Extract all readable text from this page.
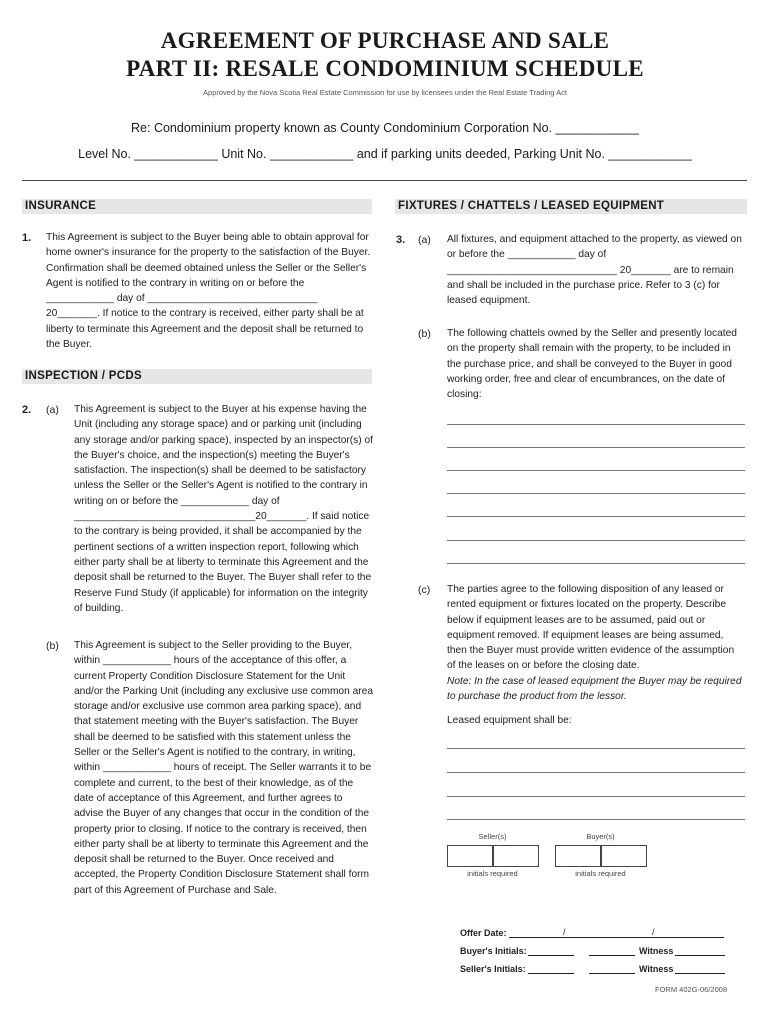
AGREEMENT OF PURCHASE AND SALE
PART II: RESALE CONDOMINIUM SCHEDULE
Approved by the Nova Scotia Real Estate Commission for use by licensees under the Real Estate Trading Act
Re: Condominium property known as County Condominium Corporation No. ____________
Level No. ____________ Unit No. ____________ and if parking units deeded, Parking Unit No. ____________
INSURANCE
1. This Agreement is subject to the Buyer being able to obtain approval for home owner's insurance for the property to the satisfaction of the Buyer. Confirmation shall be deemed obtained unless the Seller or the Seller's Agent is notified to the contrary in writing on or before the ____________ day of ______________________________ 20_______. If notice to the contrary is received, either party shall be at liberty to terminate this Agreement and the deposit shall be returned to the Buyer.

INSPECTION / PCDS
2. (a) This Agreement is subject to the Buyer at his expense having the Unit (including any storage space) and or parking unit (including any storage and/or parking space), inspected by an inspector(s) of the Buyer's choice, and the inspection(s) meeting the Buyer's satisfaction. The inspection(s) shall be deemed to be satisfactory unless the Seller or the Seller's Agent is notified to the contrary in writing on or before the ____________ day of ________________________________20_______. If said notice to the contrary is being provided, it shall be accompanied by the pertinent sections of a written inspection report, following which either party shall be at liberty to terminate this Agreement and the deposit shall be returned to the Buyer. The Buyer shall refer to the Reserve Fund Study (if applicable) for information on the integrity of building.

(b) This Agreement is subject to the Seller providing to the Buyer, within ____________ hours of the acceptance of this offer, a current Property Condition Disclosure Statement for the Unit and/or the Parking Unit (including any exclusive use common area storage and/or exclusive use common area parking space), and that statement meeting with the Buyer's satisfaction. The Buyer shall be deemed to be satisfied with this statement unless the Seller or the Seller's Agent is notified to the contrary, in writing, within ____________ hours of receipt. The Seller warrants it to be complete and current, to the best of their knowledge, as of the date of acceptance of this Agreement, and further agrees to advise the Buyer of any changes that occur in the condition of the property prior to closing. If notice to the contrary is received, then either party shall be at liberty to terminate this Agreement and the deposit shall be returned to the Buyer. Once received and accepted, the Property Condition Disclosure Statement shall form part of this Agreement of Purchase and Sale.

FIXTURES / CHATTELS / LEASED EQUIPMENT
3. (a) All fixtures, and equipment attached to the property, as viewed on or before the ____________ day of ______________________________ 20_______ are to remain and shall be included in the purchase price. Refer to 3 (c) for leased equipment.

(b) The following chattels owned by the Seller and presently located on the property shall remain with the property, to be included in the purchase price, and shall be conveyed to the Buyer in good working order, free and clear of encumbrances, on the date of closing:

(c) The parties agree to the following disposition of any leased or rented equipment or fixtures located on the property. Describe below if equipment leases are to be assumed, paid out or equipment removed. If equipment leases are being assumed, then the Buyer must provide written evidence of the assumption of the leases on or before the closing date.

Note: In the case of leased equipment the Buyer may be required to purchase the product from the lessor.

Leased equipment shall be:
Seller(s)
initials required
Buyer(s)
initials required
Offer Date:	/	/
Buyer's Initials:	Witness
Seller's Initials:	Witness
FORM 402G-06/2008
